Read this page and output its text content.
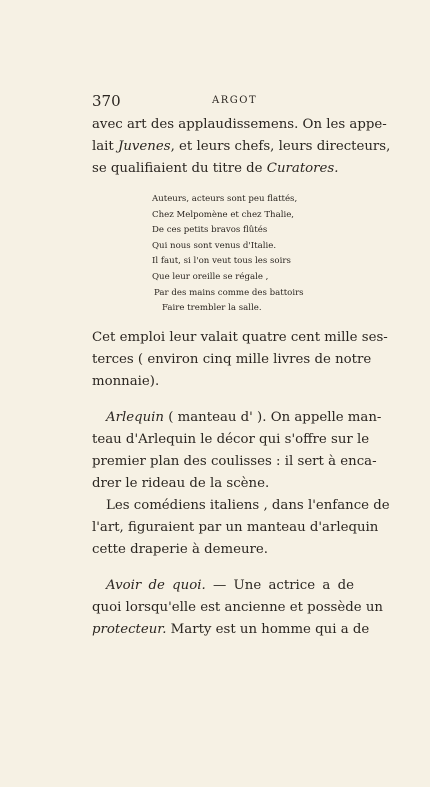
370	ARGOT
avec art des applaudissemens. On les appe-
lait Juvenes, et leurs chefs, leurs directeurs,
se qualifiaient du titre de Curatores.
Auteurs, acteurs sont peu flattés,
Chez Melpomène et chez Thalie,
De ces petits bravos flûtés
Qui nous sont venus d'Italie.
Il faut, si l'on veut tous les soirs
Que leur oreille se régale ,
Par des mains comme des battoirs
Faire trembler la salle.
Cet emploi leur valait quatre cent mille ses-
terces ( environ cinq mille livres de notre
monnaie).
Arlequin ( manteau d' ). On appelle man-
teau d'Arlequin le décor qui s'offre sur le
premier plan des coulisses : il sert à enca-
drer le rideau de la scène.
Les comédiens italiens , dans l'enfance de
l'art, figuraient par un manteau d'arlequin
cette draperie à demeure.
Avoir de quoi. — Une actrice a de
quoi lorsqu'elle est ancienne et possède un
protecteur. Marty est un homme qui a de
